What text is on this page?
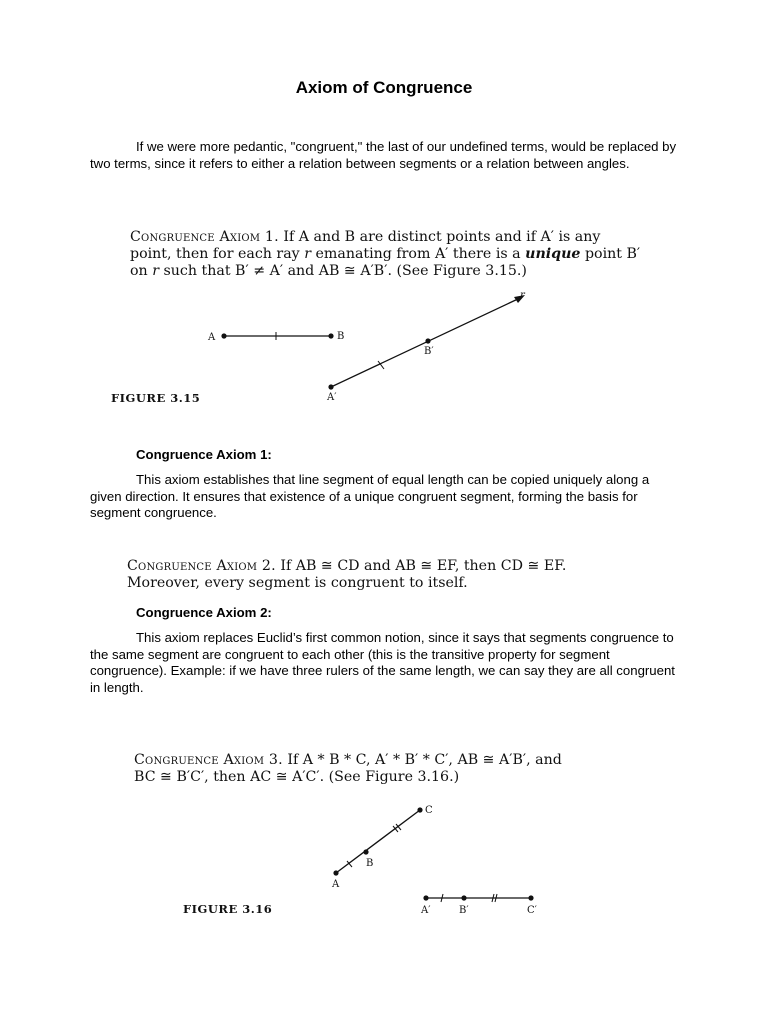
Axiom of Congruence
If we were more pedantic, "congruent," the last of our undefined terms, would be replaced by two terms, since it refers to either a relation between segments or a relation between angles.

Congruence Axiom 1. If A and B are distinct points and if A′ is any
point, then for each ray r emanating from A′ there is a unique point B′
on r such that B′ ≠ A′ and AB ≅ A′B′. (See Figure 3.15.)
A	B
A′
B′
r
FIGURE 3.15
Congruence Axiom 1:
This axiom establishes that line segment of equal length can be copied uniquely along a given direction. It ensures that existence of a unique congruent segment, forming the basis for segment congruence.

Congruence Axiom 2. If AB ≅ CD and AB ≅ EF, then CD ≅ EF.
Moreover, every segment is congruent to itself.
Congruence Axiom 2:
This axiom replaces Euclid’s first common notion, since it says that segments congruence to the same segment are congruent to each other (this is the transitive property for segment congruence). Example: if we have three rulers of the same length, we can say they are all congruent in length.

Congruence Axiom 3. If A * B * C, A′ * B′ * C′, AB ≅ A′B′, and
BC ≅ B′C′, then AC ≅ A′C′. (See Figure 3.16.)
A
B
C
A′	B′	C′
FIGURE 3.16
